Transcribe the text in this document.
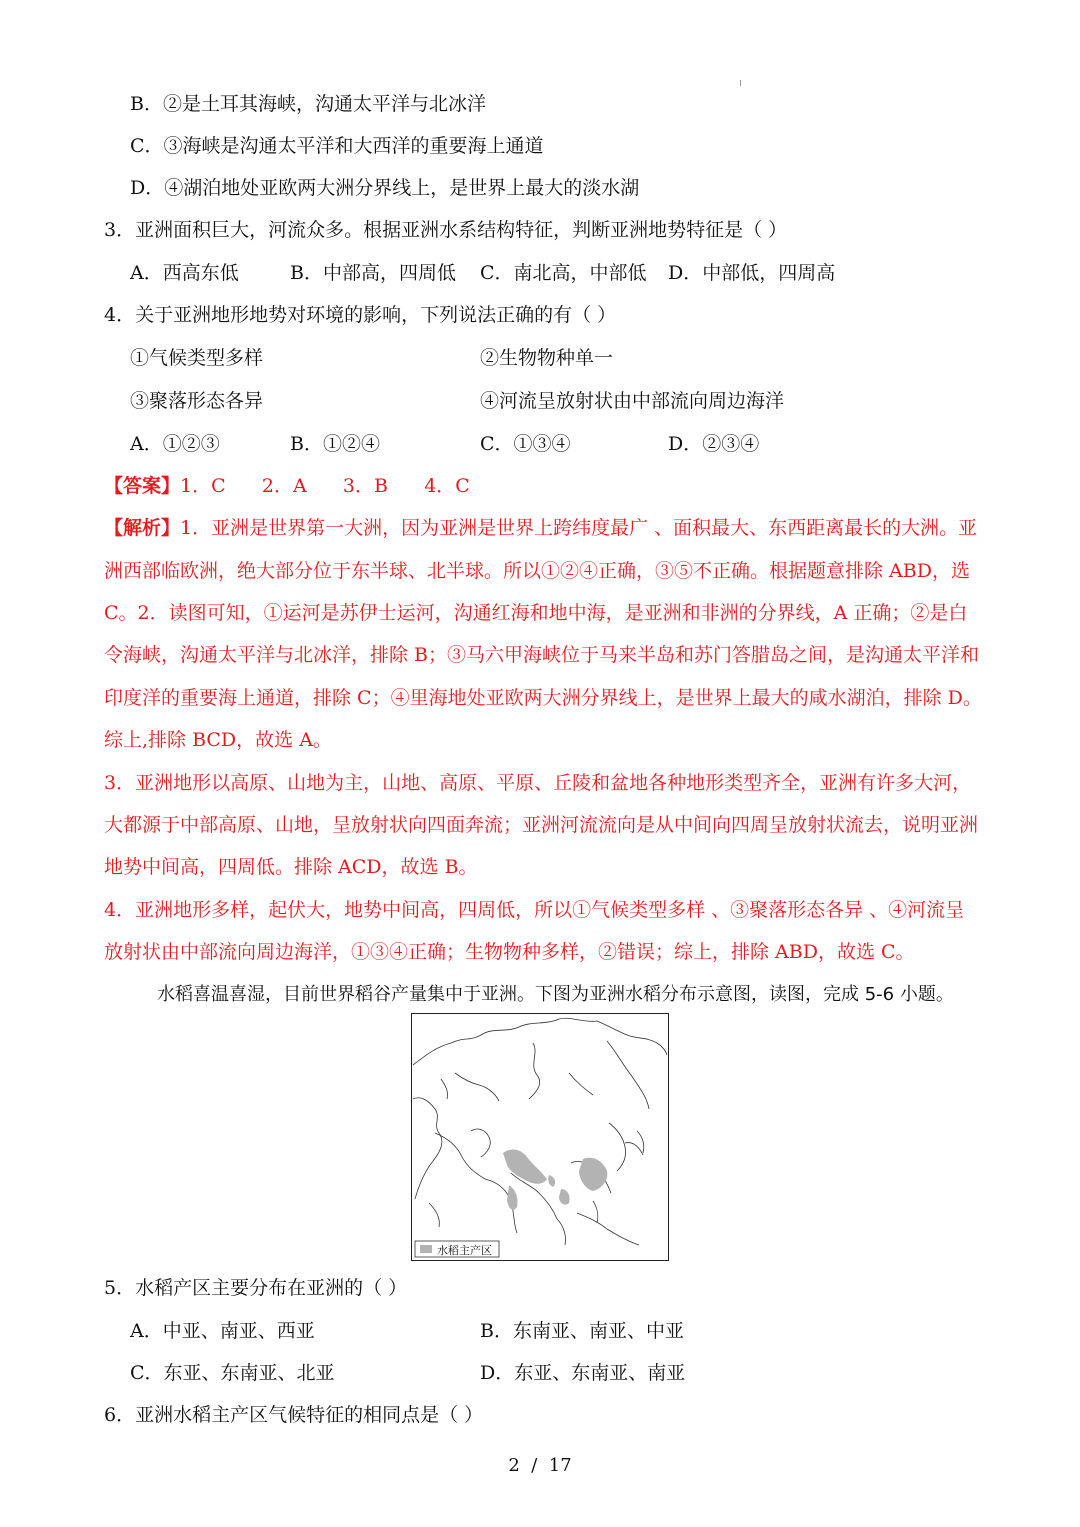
B．②是土耳其海峡，沟通太平洋与北冰洋
C．③海峡是沟通太平洋和大西洋的重要海上通道
D．④湖泊地处亚欧两大洲分界线上，是世界上最大的淡水湖
3．亚洲面积巨大，河流众多。根据亚洲水系结构特征，判断亚洲地势特征是（ ）
A．西高东低	B．中部高，四周低 C．南北高，中部低 D．中部低，四周高
4．关于亚洲地形地势对环境的影响，下列说法正确的有（ ）
①气候类型多样	②生物物种单一
③聚落形态各异	④河流呈放射状由中部流向周边海洋
A．①②③	B．①②④	C．①③④	D．②③④
【答案】1．C      2．A      3．B      4．C
【解析】1．亚洲是世界第一大洲，因为亚洲是世界上跨纬度最广 、面积最大、东西距离最长的大洲。亚
洲西部临欧洲，绝大部分位于东半球、北半球。所以①②④正确，③⑤不正确。根据题意排除 ABD，选
C。2．读图可知，①运河是苏伊士运河，沟通红海和地中海，是亚洲和非洲的分界线，A 正确；②是白
令海峡，沟通太平洋与北冰洋，排除 B；③马六甲海峡位于马来半岛和苏门答腊岛之间，是沟通太平洋和
印度洋的重要海上通道，排除 C；④里海地处亚欧两大洲分界线上，是世界上最大的咸水湖泊，排除 D。
综上,排除 BCD，故选 A。
3．亚洲地形以高原、山地为主，山地、高原、平原、丘陵和盆地各种地形类型齐全，亚洲有许多大河，
大都源于中部高原、山地，呈放射状向四面奔流；亚洲河流流向是从中间向四周呈放射状流去，说明亚洲
地势中间高，四周低。排除 ACD，故选 B。
4．亚洲地形多样，起伏大，地势中间高，四周低，所以①气候类型多样 、③聚落形态各异 、④河流呈
放射状由中部流向周边海洋，①③④正确；生物物种多样，②错误；综上，排除 ABD，故选 C。
水稻喜温喜湿，目前世界稻谷产量集中于亚洲。下图为亚洲水稻分布示意图，读图，完成 5-6 小题。
水稻主产区
5．水稻产区主要分布在亚洲的（ ）
A．中亚、南亚、西亚	B．东南亚、南亚、中亚
C．东亚、东南亚、北亚	D．东亚、东南亚、南亚
6．亚洲水稻主产区气候特征的相同点是（ ）
2  /  17
